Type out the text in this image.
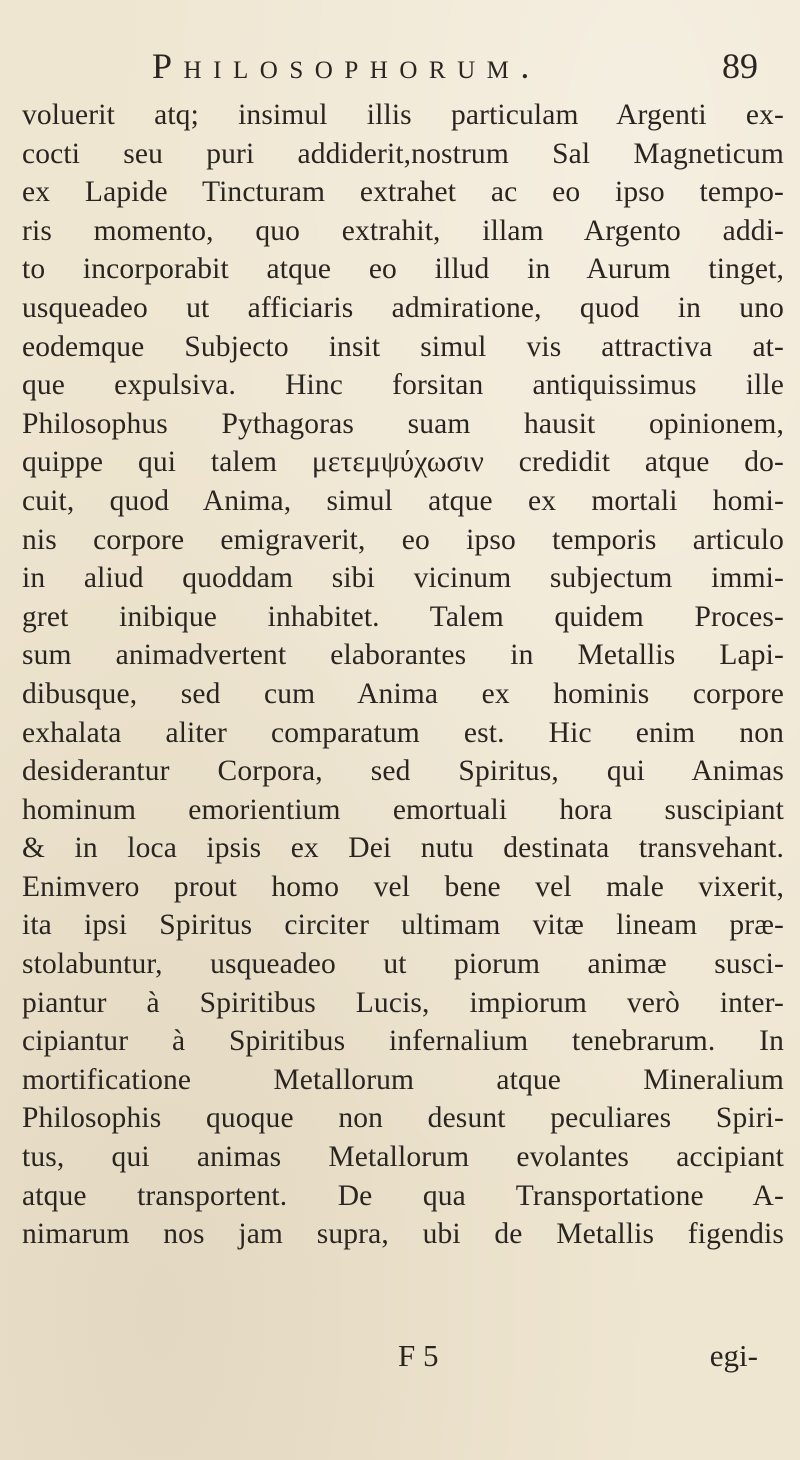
Philosophorum.	89
voluerit atq; insimul illis particulam Argenti ex-
cocti seu puri addiderit,nostrum Sal Magneticum
ex Lapide Tincturam extrahet ac eo ipso tempo-
ris momento, quo extrahit, illam Argento addi-
to incorporabit atque eo illud in Aurum tinget,
usqueadeo ut afficiaris admiratione, quod in uno
eodemque Subjecto insit simul vis attractiva at-
que expulsiva. Hinc forsitan antiquissimus ille
Philosophus Pythagoras suam hausit opinionem,
quippe qui talem μετεμψύχωσιν credidit atque do-
cuit, quod Anima, simul atque ex mortali homi-
nis corpore emigraverit, eo ipso temporis articulo
in aliud quoddam sibi vicinum subjectum immi-
gret inibique inhabitet. Talem quidem Proces-
sum animadvertent elaborantes in Metallis Lapi-
dibusque, sed cum Anima ex hominis corpore
exhalata aliter comparatum est. Hic enim non
desiderantur Corpora, sed Spiritus, qui Animas
hominum emorientium emortuali hora suscipiant
& in loca ipsis ex Dei nutu destinata transvehant.
Enimvero prout homo vel bene vel male vixerit,
ita ipsi Spiritus circiter ultimam vitæ lineam præ-
stolabuntur, usqueadeo ut piorum animæ susci-
piantur à Spiritibus Lucis, impiorum verò inter-
cipiantur à Spiritibus infernalium tenebrarum. In
mortificatione Metallorum atque Mineralium
Philosophis quoque non desunt peculiares Spiri-
tus, qui animas Metallorum evolantes accipiant
atque transportent. De qua Transportatione A-
nimarum nos jam supra, ubi de Metallis figendis
F 5	egi-
